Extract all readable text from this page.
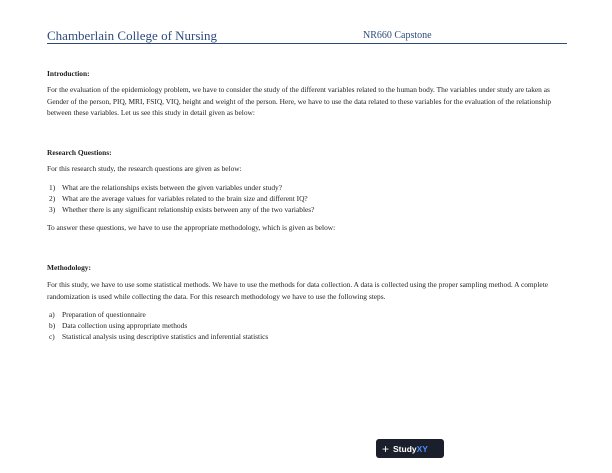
Chamberlain College of Nursing	NR660 Capstone

Introduction:

For the evaluation of the epidemiology problem, we have to consider the study of the different variables related to the human body. The variables under study are taken as Gender of the person, PIQ, MRI, FSIQ, VIQ, height and weight of the person. Here, we have to use the data related to these variables for the evaluation of the relationship between these variables. Let us see this study in detail given as below:

Research Questions:

For this research study, the research questions are given as below:

1) What are the relationships exists between the given variables under study?
2) What are the average values for variables related to the brain size and different IQ?
3) Whether there is any significant relationship exists between any of the two variables?

To answer these questions, we have to use the appropriate methodology, which is given as below:

Methodology:

For this study, we have to use some statistical methods. We have to use the methods for data collection. A data is collected using the proper sampling method. A complete randomization is used while collecting the data. For this research methodology we have to use the following steps.

a) Preparation of questionnaire
b) Data collection using appropriate methods
c) Statistical analysis using descriptive statistics and inferential statistics
+ Study XY
